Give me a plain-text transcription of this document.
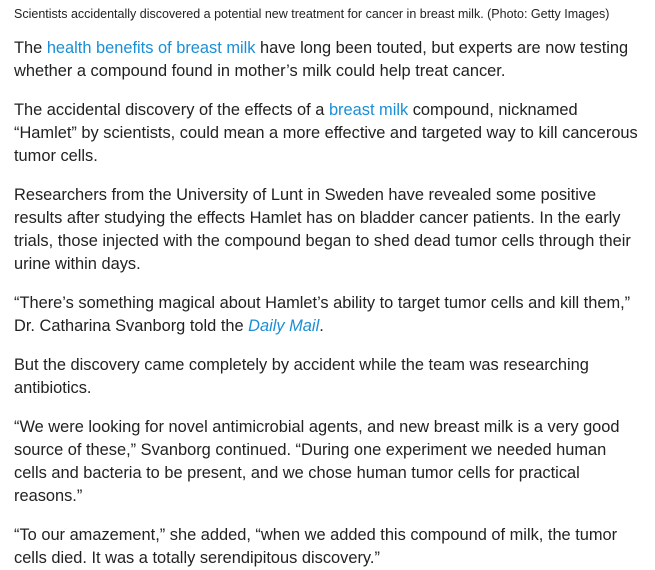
Scientists accidentally discovered a potential new treatment for cancer in breast milk. (Photo: Getty Images)

The health benefits of breast milk have long been touted, but experts are now testing whether a compound found in mother’s milk could help treat cancer.

The accidental discovery of the effects of a breast milk compound, nicknamed “Hamlet” by scientists, could mean a more effective and targeted way to kill cancerous tumor cells.

Researchers from the University of Lunt in Sweden have revealed some positive results after studying the effects Hamlet has on bladder cancer patients. In the early trials, those injected with the compound began to shed dead tumor cells through their urine within days.

“There’s something magical about Hamlet’s ability to target tumor cells and kill them,” Dr. Catharina Svanborg told the Daily Mail.

But the discovery came completely by accident while the team was researching antibiotics.

“We were looking for novel antimicrobial agents, and new breast milk is a very good source of these,” Svanborg continued. “During one experiment we needed human cells and bacteria to be present, and we chose human tumor cells for practical reasons.”

“To our amazement,” she added, “when we added this compound of milk, the tumor cells died. It was a totally serendipitous discovery.”
